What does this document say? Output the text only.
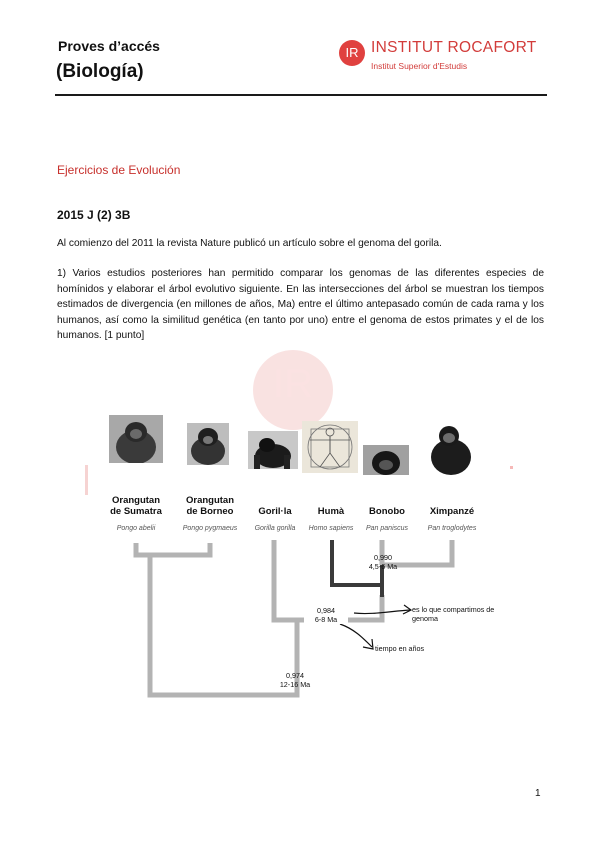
Proves d’accés
(Biología)
IR INSTITUT ROCAFORT
Institut Superior d'Estudis
Ejercicios de Evolución
2015 J (2) 3B
Al comienzo del 2011 la revista Nature publicó un artículo sobre el genoma del gorila.
1) Varios estudios posteriores han permitido comparar los genomas de las diferentes especies de homínidos y elaborar el árbol evolutivo siguiente. En las intersecciones del árbol se muestran los tiempos estimados de divergencia (en millones de años, Ma) entre el último antepasado común de cada rama y los humanos, así como la similitud genética (en tanto por uno) entre el genoma de estos primates y el de los humanos. [1 punto]
IR
Orangutan
de Sumatra
Orangutan
de Borneo	Goril·la	Humà	Bonobo	Ximpanzé
Pongo abelii	Pongo pygmaeus	Gorilla gorilla	Homo sapiens	Pan paniscus	Pan troglodytes
0,990
4,5-6 Ma
0,984
6-8 Ma
0,974
12-16 Ma
es lo que compartimos de genoma
tiempo en años
1
